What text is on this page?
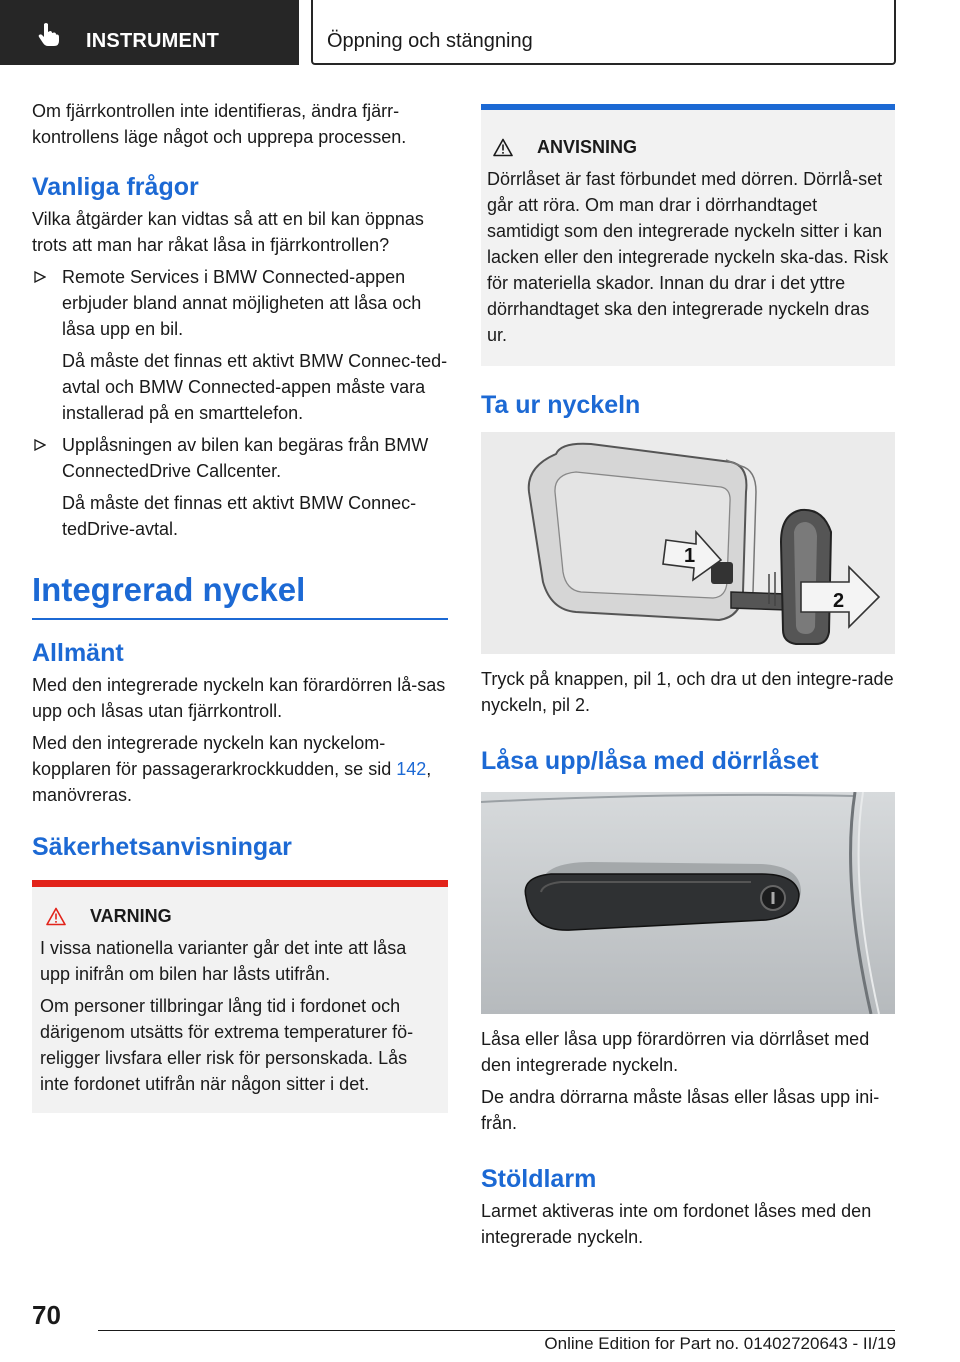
INSTRUMENT	Öppning och stängning

Om fjärrkontrollen inte identifieras, ändra fjärr-kontrollens läge något och upprepa processen.

Vanliga frågor

Vilka åtgärder kan vidtas så att en bil kan öppnas trots att man har råkat låsa in fjärrkontrollen?

Remote Services i BMW Connected-appen erbjuder bland annat möjligheten att låsa och låsa upp en bil.

Då måste det finnas ett aktivt BMW Connec-ted-avtal och BMW Connected-appen måste vara installerad på en smarttelefon.

Upplåsningen av bilen kan begäras från BMW ConnectedDrive Callcenter.

Då måste det finnas ett aktivt BMW Connec-tedDrive-avtal.

Integrerad nyckel
Allmänt

Med den integrerade nyckeln kan förardörren lå-sas upp och låsas utan fjärrkontroll.

Med den integrerade nyckeln kan nyckelom-kopplaren för passagerarkrockkudden, se sid 142, manövreras.

Säkerhetsanvisningar
VARNING

I vissa nationella varianter går det inte att låsa upp inifrån om bilen har låsts utifrån.

Om personer tillbringar lång tid i fordonet och därigenom utsätts för extrema temperaturer fö-religger livsfara eller risk för personskada. Lås inte fordonet utifrån när någon sitter i det.

ANVISNING

Dörrlåset är fast förbundet med dörren. Dörrlå-set går att röra. Om man drar i dörrhandtaget samtidigt som den integrerade nyckeln sitter i kan lacken eller den integrerade nyckeln ska-das. Risk för materiella skador. Innan du drar i det yttre dörrhandtaget ska den integrerade nyckeln dras ur.

Ta ur nyckeln
1
2

Tryck på knappen, pil 1, och dra ut den integre-rade nyckeln, pil 2.

Låsa upp/låsa med dörrlåset

Låsa eller låsa upp förardörren via dörrlåset med den integrerade nyckeln.

De andra dörrarna måste låsas eller låsas upp ini-från.

Stöldlarm

Larmet aktiveras inte om fordonet låses med den integrerade nyckeln.

70
Online Edition for Part no. 01402720643 - II/19
